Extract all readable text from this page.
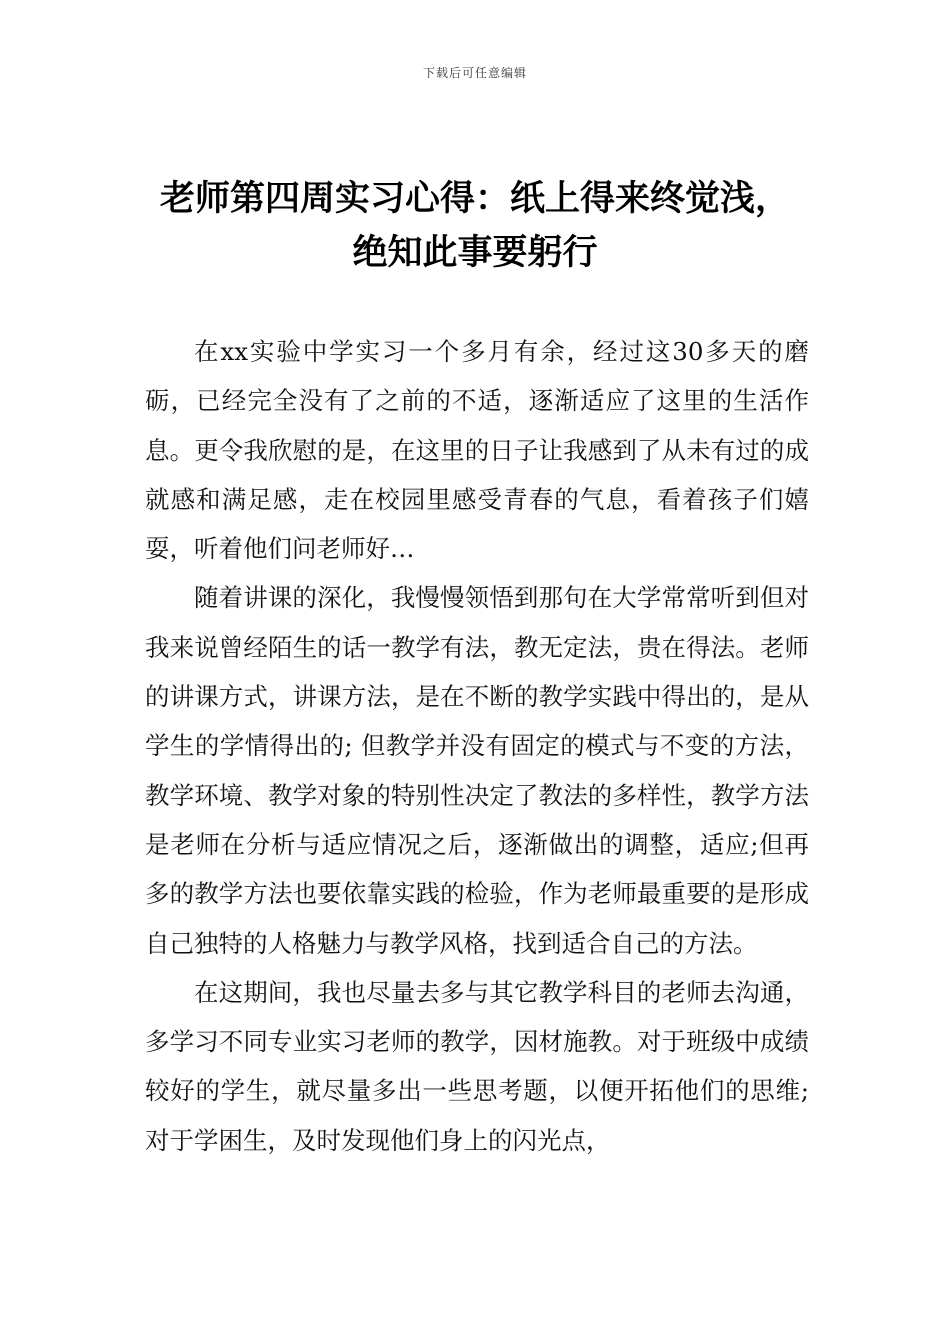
下载后可任意编辑
老师第四周实习心得：纸上得来终觉浅，
绝知此事要躬行

在xx实验中学实习一个多月有余，经过这30多天的磨砺，已经完全没有了之前的不适，逐渐适应了这里的生活作息。更令我欣慰的是，在这里的日子让我感到了从未有过的成就感和满足感，走在校园里感受青春的气息，看着孩子们嬉耍，听着他们问老师好…

随着讲课的深化，我慢慢领悟到那句在大学常常听到但对我来说曾经陌生的话一教学有法，教无定法，贵在得法。老师的讲课方式，讲课方法，是在不断的教学实践中得出的，是从学生的学情得出的; 但教学并没有固定的模式与不变的方法，教学环境、教学对象的特别性决定了教法的多样性，教学方法是老师在分析与适应情况之后，逐渐做出的调整，适应;但再多的教学方法也要依靠实践的检验，作为老师最重要的是形成自己独特的人格魅力与教学风格，找到适合自己的方法。

在这期间，我也尽量去多与其它教学科目的老师去沟通，多学习不同专业实习老师的教学，因材施教。对于班级中成绩较好的学生，就尽量多出一些思考题，以便开拓他们的思维; 对于学困生，及时发现他们身上的闪光点，
